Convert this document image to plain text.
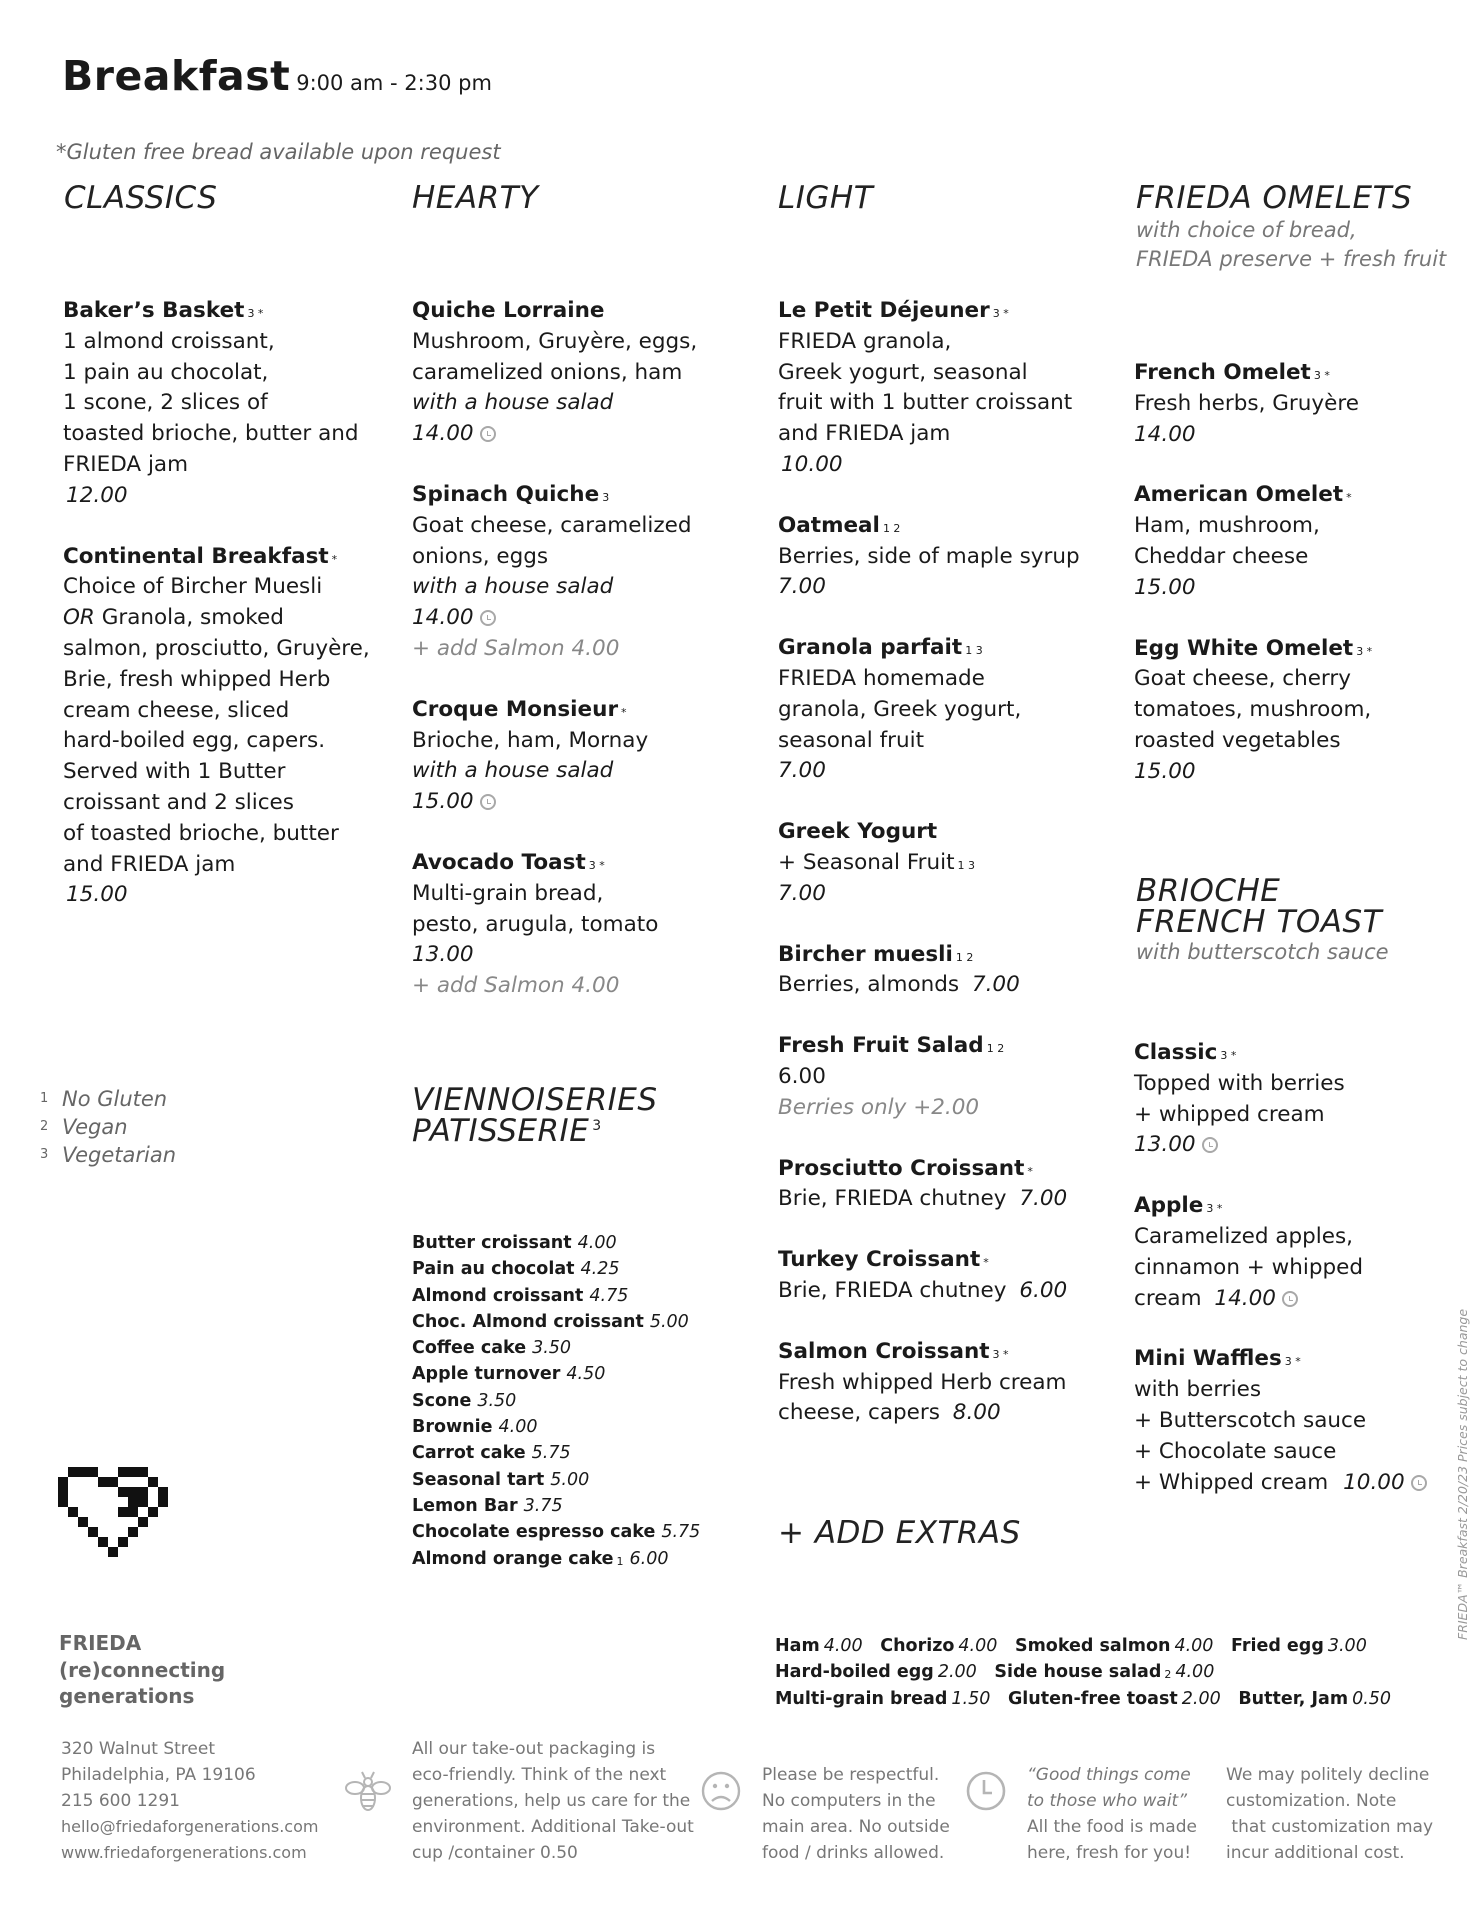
Breakfast 9:00 am - 2:30 pm
*Gluten free bread available upon request
CLASSICS	HEARTY	LIGHT	FRIEDA OMELETS
with choice of bread,
FRIEDA preserve + fresh fruit
Baker’s Basket $^{3 *}$
1 almond croissant,
1 pain au chocolat,
1 scone, 2 slices of
toasted brioche, butter and
FRIEDA jam
12.00
Continental Breakfast *
Choice of Bircher Muesli
OR Granola, smoked
salmon, prosciutto, Gruyère,
Brie, fresh whipped Herb
cream cheese, sliced
hard-boiled egg, capers.
Served with 1 Butter
croissant and 2 slices
of toasted brioche, butter
and FRIEDA jam
15.00
Quiche Lorraine
Mushroom, Gruyère, eggs,
caramelized onions, ham
with a house salad
14.00
Spinach Quiche $^3$
Goat cheese, caramelized
onions, eggs
with a house salad
14.00
+ add Salmon 4.00
Croque Monsieur *
Brioche, ham, Mornay
with a house salad
15.00
Avocado Toast $^{3 *}$
Multi-grain bread,
pesto, arugula, tomato
13.00
+ add Salmon 4.00
Le Petit Déjeuner $^{3 *}$
FRIEDA granola,
Greek yogurt, seasonal
fruit with 1 butter croissant
and FRIEDA jam
10.00
Oatmeal $^{1 2}$
Berries, side of maple syrup
7.00
Granola parfait $^{1 3}$
FRIEDA homemade
granola, Greek yogurt,
seasonal fruit
7.00
Greek Yogurt
+ Seasonal Fruit $^{1 3}$
7.00
Bircher muesli $^{1 2}$
Berries, almonds 7.00
Fresh Fruit Salad $^{1 2}$
6.00
Berries only +2.00
Prosciutto Croissant *
Brie, FRIEDA chutney 7.00
Turkey Croissant *
Brie, FRIEDA chutney 6.00
Salmon Croissant $^{3 *}$
Fresh whipped Herb cream
cheese, capers 8.00
French Omelet $^{3 *}$
Fresh herbs, Gruyère
14.00
American Omelet *
Ham, mushroom,
Cheddar cheese
15.00
Egg White Omelet $^{3 *}$
Goat cheese, cherry
tomatoes, mushroom,
roasted vegetables
15.00
BRIOCHE
FRENCH TOAST
with butterscotch sauce
Classic $^{3 *}$
Topped with berries
+ whipped cream
13.00
Apple $^{3 *}$
Caramelized apples,
cinnamon + whipped
cream 14.00
Mini Waffles $^{3 *}$
with berries
+ Butterscotch sauce
+ Chocolate sauce
+ Whipped cream 10.00
1 No Gluten
2 Vegan
3 Vegetarian
VIENNOISERIES
PATISSERIE $^3$
Butter croissant 4.00
Pain au chocolat 4.25
Almond croissant 4.75
Choc. Almond croissant 5.00
Coffee cake 3.50
Apple turnover 4.50
Scone 3.50
Brownie 4.00
Carrot cake 5.75
Seasonal tart 5.00
Lemon Bar 3.75
Chocolate espresso cake 5.75
Almond orange cake $^1$ 6.00
+ ADD EXTRAS
Ham 4.00 Chorizo 4.00 Smoked salmon 4.00 Fried egg 3.00
Hard-boiled egg 2.00 Side house salad $^2$ 4.00
Multi-grain bread 1.50 Gluten-free toast 2.00 Butter, Jam 0.50
FRIEDA
(re)connecting
generations
320 Walnut Street
Philadelphia, PA 19106
215 600 1291
hello@friedaforgenerations.com
www.friedaforgenerations.com
All our take-out packaging is
eco-friendly. Think of the next
generations, help us care for the
environment. Additional Take-out
cup /container 0.50
Please be respectful.
No computers in the
main area. No outside
food / drinks allowed.
“Good things come
to those who wait”
All the food is made
here, fresh for you!
We may politely decline
customization. Note
that customization may
incur additional cost.
FRIEDA™ Breakfast 2/20/23 Prices subject to change
